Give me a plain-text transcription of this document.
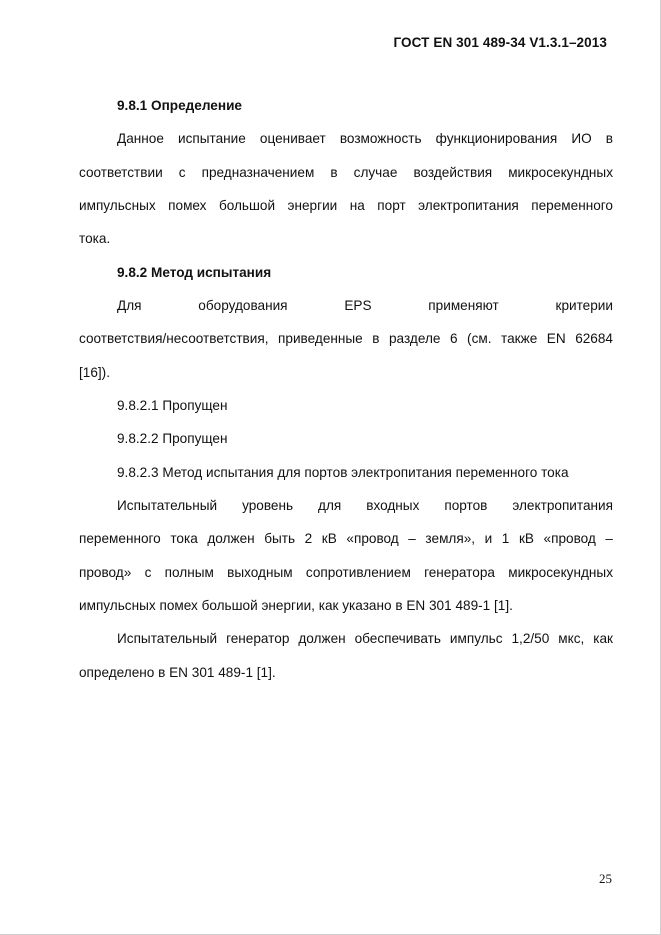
ГОСТ EN 301 489-34 V1.3.1–2013
9.8.1 Определение
Данное испытание оценивает возможность функционирования ИО в
соответствии с предназначением в случае воздействия микросекундных
импульсных помех большой энергии на порт электропитания переменного
тока.
9.8.2 Метод испытания
Для оборудования EPS применяют критерии
соответствия/несоответствия, приведенные в разделе 6 (см. также EN 62684
[16]).
9.8.2.1 Пропущен
9.8.2.2 Пропущен
9.8.2.3 Метод испытания для портов электропитания переменного тока
Испытательный уровень для входных портов электропитания
переменного тока должен быть 2 кВ «провод – земля», и 1 кВ «провод –
провод» с полным выходным сопротивлением генератора микросекундных
импульсных помех большой энергии, как указано в EN 301 489-1 [1].
Испытательный генератор должен обеспечивать импульс 1,2/50 мкс, как
определено в EN 301 489-1 [1].
25
